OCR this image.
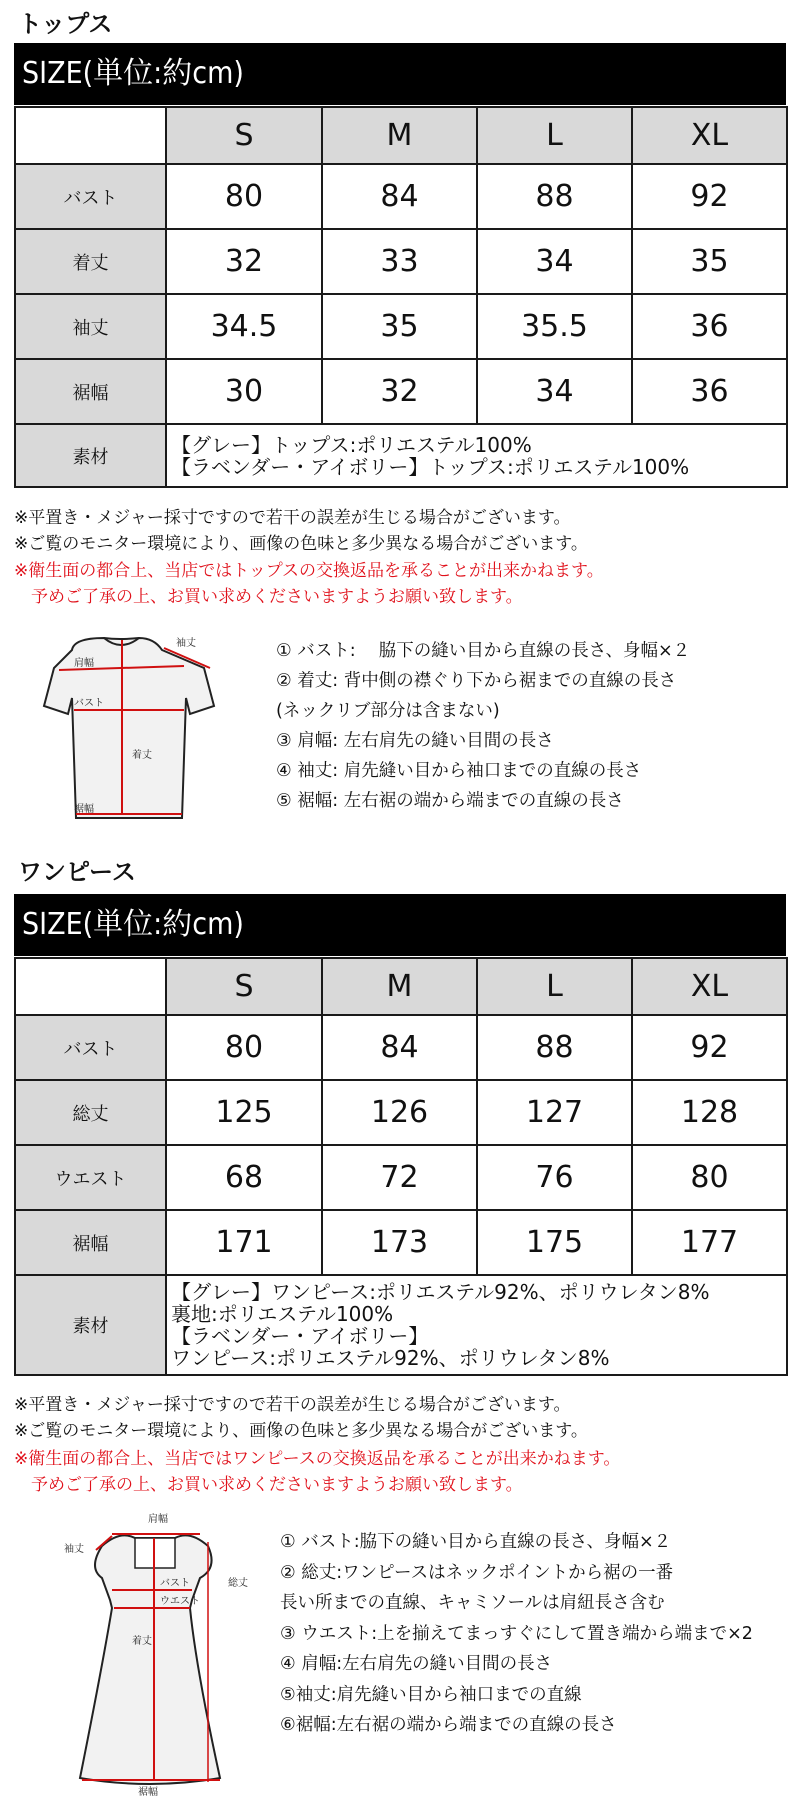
トップス
SIZE(単位:約cm)
	S	M	L	XL
バスト	80	84	88	92
着丈	32	33	34	35
袖丈	34.5	35	35.5	36
裾幅	30	32	34	36
素材	【グレー】トップス:ポリエステル100%
【ラベンダー・アイボリー】トップス:ポリエステル100%			
※平置き・メジャー採寸ですので若干の誤差が生じる場合がございます。
※ご覧のモニター環境により、画像の色味と多少異なる場合がございます。
※衛生面の都合上、当店ではトップスの交換返品を承ることが出来かねます。
　予めご了承の上、お買い求めくださいますようお願い致します。
袖丈
肩幅
バスト
着丈
裾幅
① バスト:　 脇下の縫い目から直線の長さ、身幅×２
② 着丈: 背中側の襟ぐり下から裾までの直線の長さ
(ネックリブ部分は含まない)
③ 肩幅: 左右肩先の縫い目間の長さ
④ 袖丈: 肩先縫い目から袖口までの直線の長さ
⑤ 裾幅: 左右裾の端から端までの直線の長さ
ワンピース
SIZE(単位:約cm)
	S	M	L	XL
バスト	80	84	88	92
総丈	125	126	127	128
ウエスト	68	72	76	80
裾幅	171	173	175	177
素材	【グレー】ワンピース:ポリエステル92%、ポリウレタン8%
裏地:ポリエステル100%
【ラベンダー・アイボリー】
ワンピース:ポリエステル92%、ポリウレタン8%			
※平置き・メジャー採寸ですので若干の誤差が生じる場合がございます。
※ご覧のモニター環境により、画像の色味と多少異なる場合がございます。
※衛生面の都合上、当店ではワンピースの交換返品を承ることが出来かねます。
　予めご了承の上、お買い求めくださいますようお願い致します。
肩幅
袖丈
総丈
バスト
ウエスト
着丈
裾幅
① バスト:脇下の縫い目から直線の長さ、身幅×２
② 総丈:ワンピースはネックポイントから裾の一番
長い所までの直線、キャミソールは肩紐長さ含む
③ ウエスト:上を揃えてまっすぐにして置き端から端まで×2
④ 肩幅:左右肩先の縫い目間の長さ
⑤袖丈:肩先縫い目から袖口までの直線
⑥裾幅:左右裾の端から端までの直線の長さ
